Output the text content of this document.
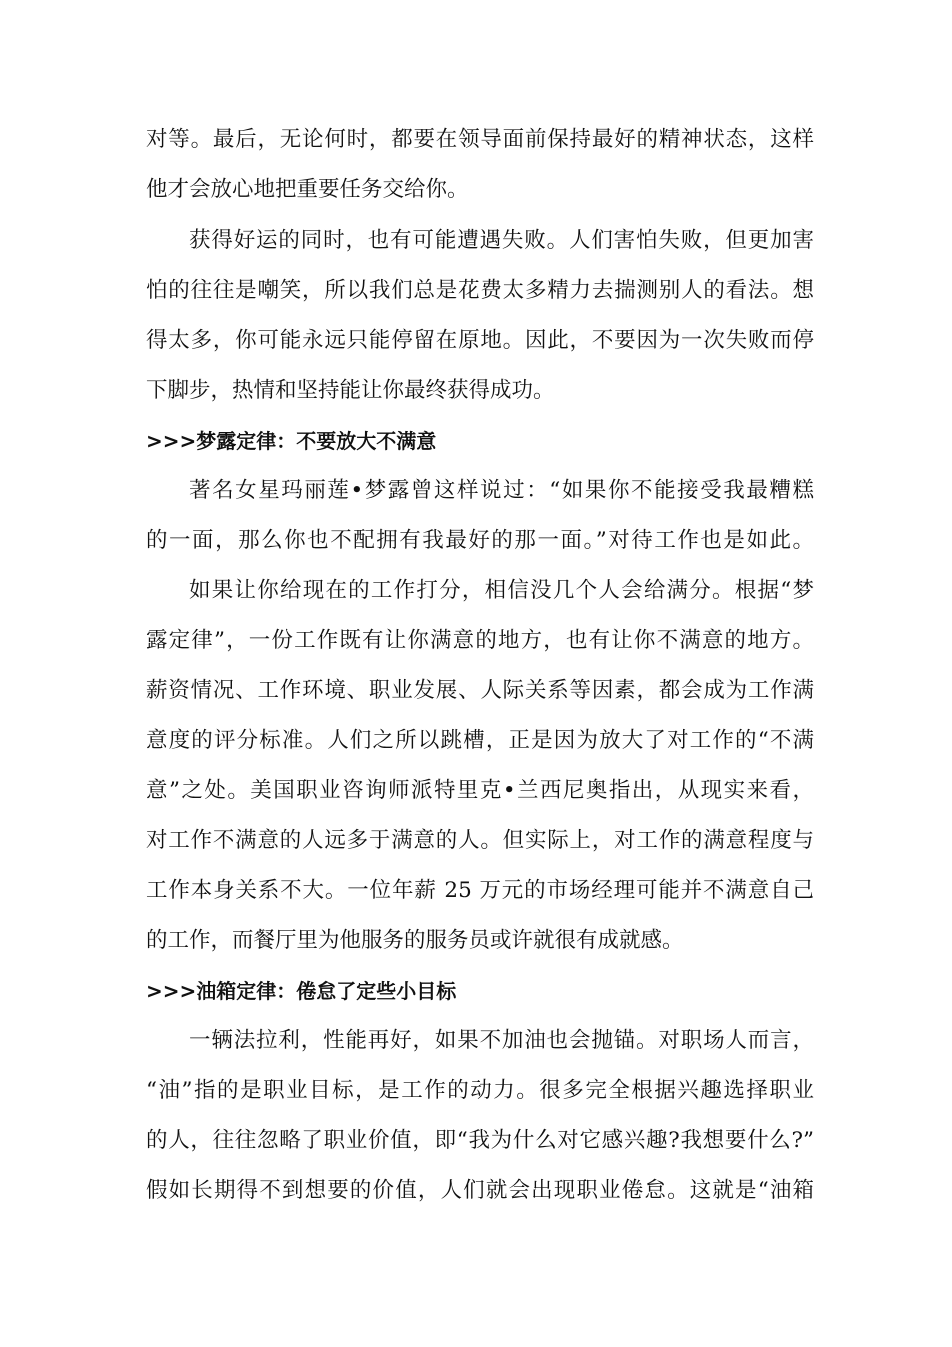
对等。最后，无论何时，都要在领导面前保持最好的精神状态，这样
他才会放心地把重要任务交给你。
获得好运的同时，也有可能遭遇失败。人们害怕失败，但更加害
怕的往往是嘲笑，所以我们总是花费太多精力去揣测别人的看法。想
得太多，你可能永远只能停留在原地。因此，不要因为一次失败而停
下脚步，热情和坚持能让你最终获得成功。
>>>梦露定律：不要放大不满意
著名女星玛丽莲•梦露曾这样说过：“如果你不能接受我最糟糕
的一面，那么你也不配拥有我最好的那一面。”对待工作也是如此。
如果让你给现在的工作打分，相信没几个人会给满分。根据“梦
露定律”，一份工作既有让你满意的地方，也有让你不满意的地方。
薪资情况、工作环境、职业发展、人际关系等因素，都会成为工作满
意度的评分标准。人们之所以跳槽，正是因为放大了对工作的“不满
意”之处。美国职业咨询师派特里克•兰西尼奥指出，从现实来看，
对工作不满意的人远多于满意的人。但实际上，对工作的满意程度与
工作本身关系不大。一位年薪 25 万元的市场经理可能并不满意自己
的工作，而餐厅里为他服务的服务员或许就很有成就感。
>>>油箱定律：倦怠了定些小目标
一辆法拉利，性能再好，如果不加油也会抛锚。对职场人而言，
“油”指的是职业目标，是工作的动力。很多完全根据兴趣选择职业
的人，往往忽略了职业价值，即“我为什么对它感兴趣?我想要什么?”
假如长期得不到想要的价值，人们就会出现职业倦怠。这就是“油箱
